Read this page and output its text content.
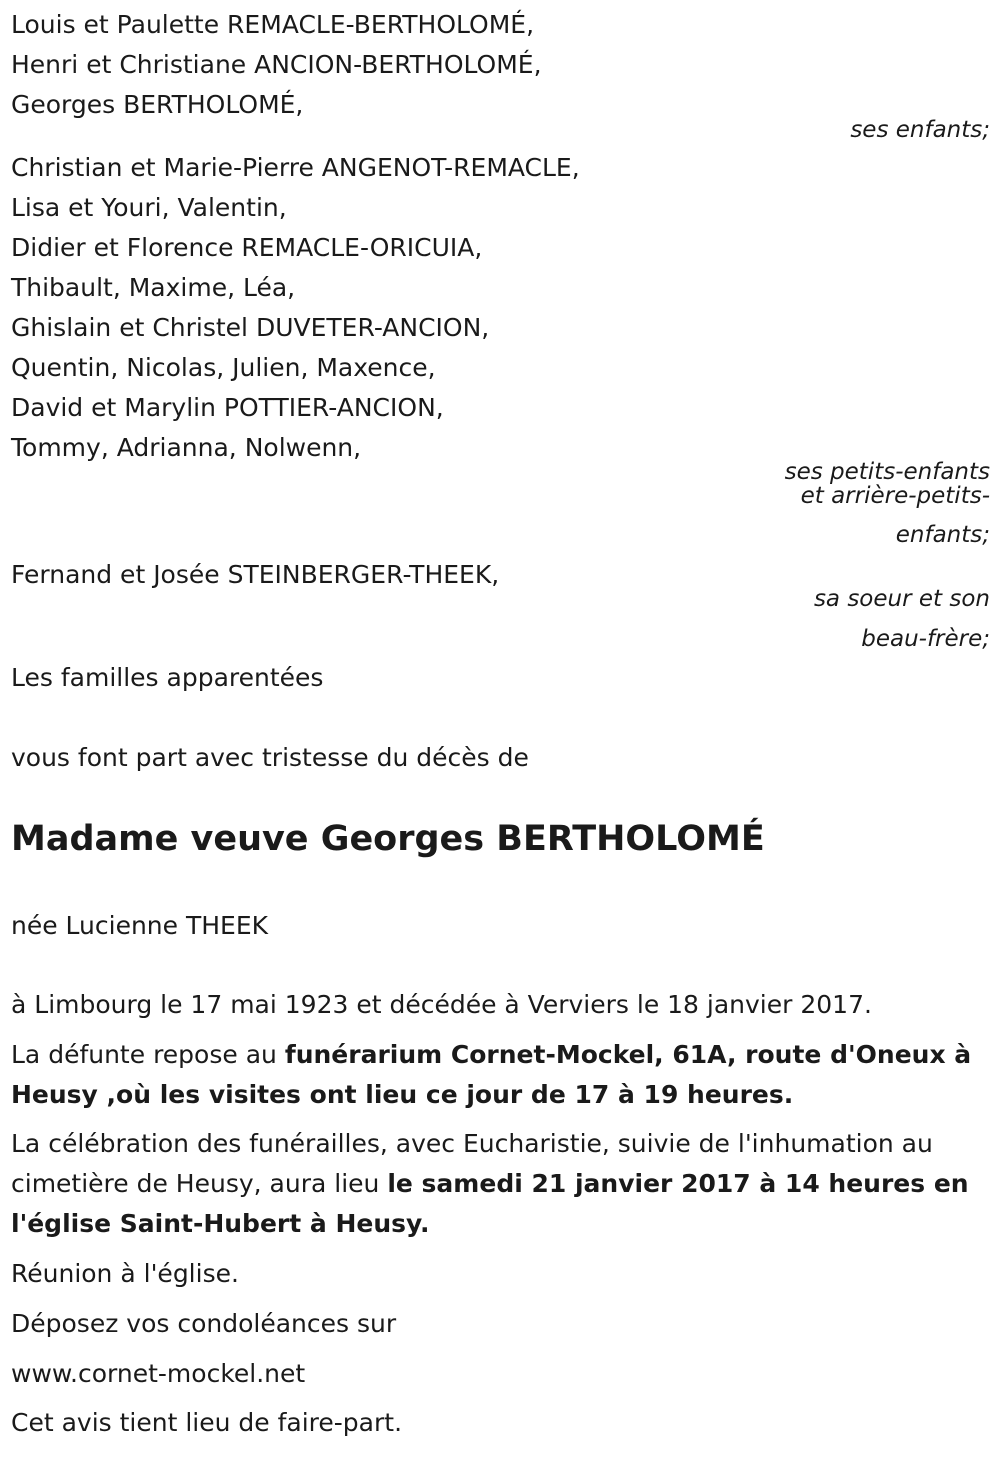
Louis et Paulette REMACLE-BERTHOLOMÉ,
Henri et Christiane ANCION-BERTHOLOMÉ,
Georges BERTHOLOMÉ,
ses enfants;
Christian et Marie-Pierre ANGENOT-REMACLE,
Lisa et Youri, Valentin,
Didier et Florence REMACLE-ORICUIA,
Thibault, Maxime, Léa,
Ghislain et Christel DUVETER-ANCION,
Quentin, Nicolas, Julien, Maxence,
David et Marylin POTTIER-ANCION,
Tommy, Adrianna, Nolwenn,
ses petits-enfants
et arrière-petits-
enfants;
Fernand et Josée STEINBERGER-THEEK,
sa soeur et son
beau-frère;
Les familles apparentées
vous font part avec tristesse du décès de
Madame veuve Georges BERTHOLOMÉ
née Lucienne THEEK
à Limbourg le 17 mai 1923 et décédée à Verviers le 18 janvier 2017.
La défunte repose au funérarium Cornet-Mockel, 61A, route d'Oneux à Heusy ,où les visites ont lieu ce jour de 17 à 19 heures.
La célébration des funérailles, avec Eucharistie, suivie de l'inhumation au cimetière de Heusy, aura lieu le samedi 21 janvier 2017 à 14 heures en l'église Saint-Hubert à Heusy.
Réunion à l'église.
Déposez vos condoléances sur
www.cornet-mockel.net
Cet avis tient lieu de faire-part.
